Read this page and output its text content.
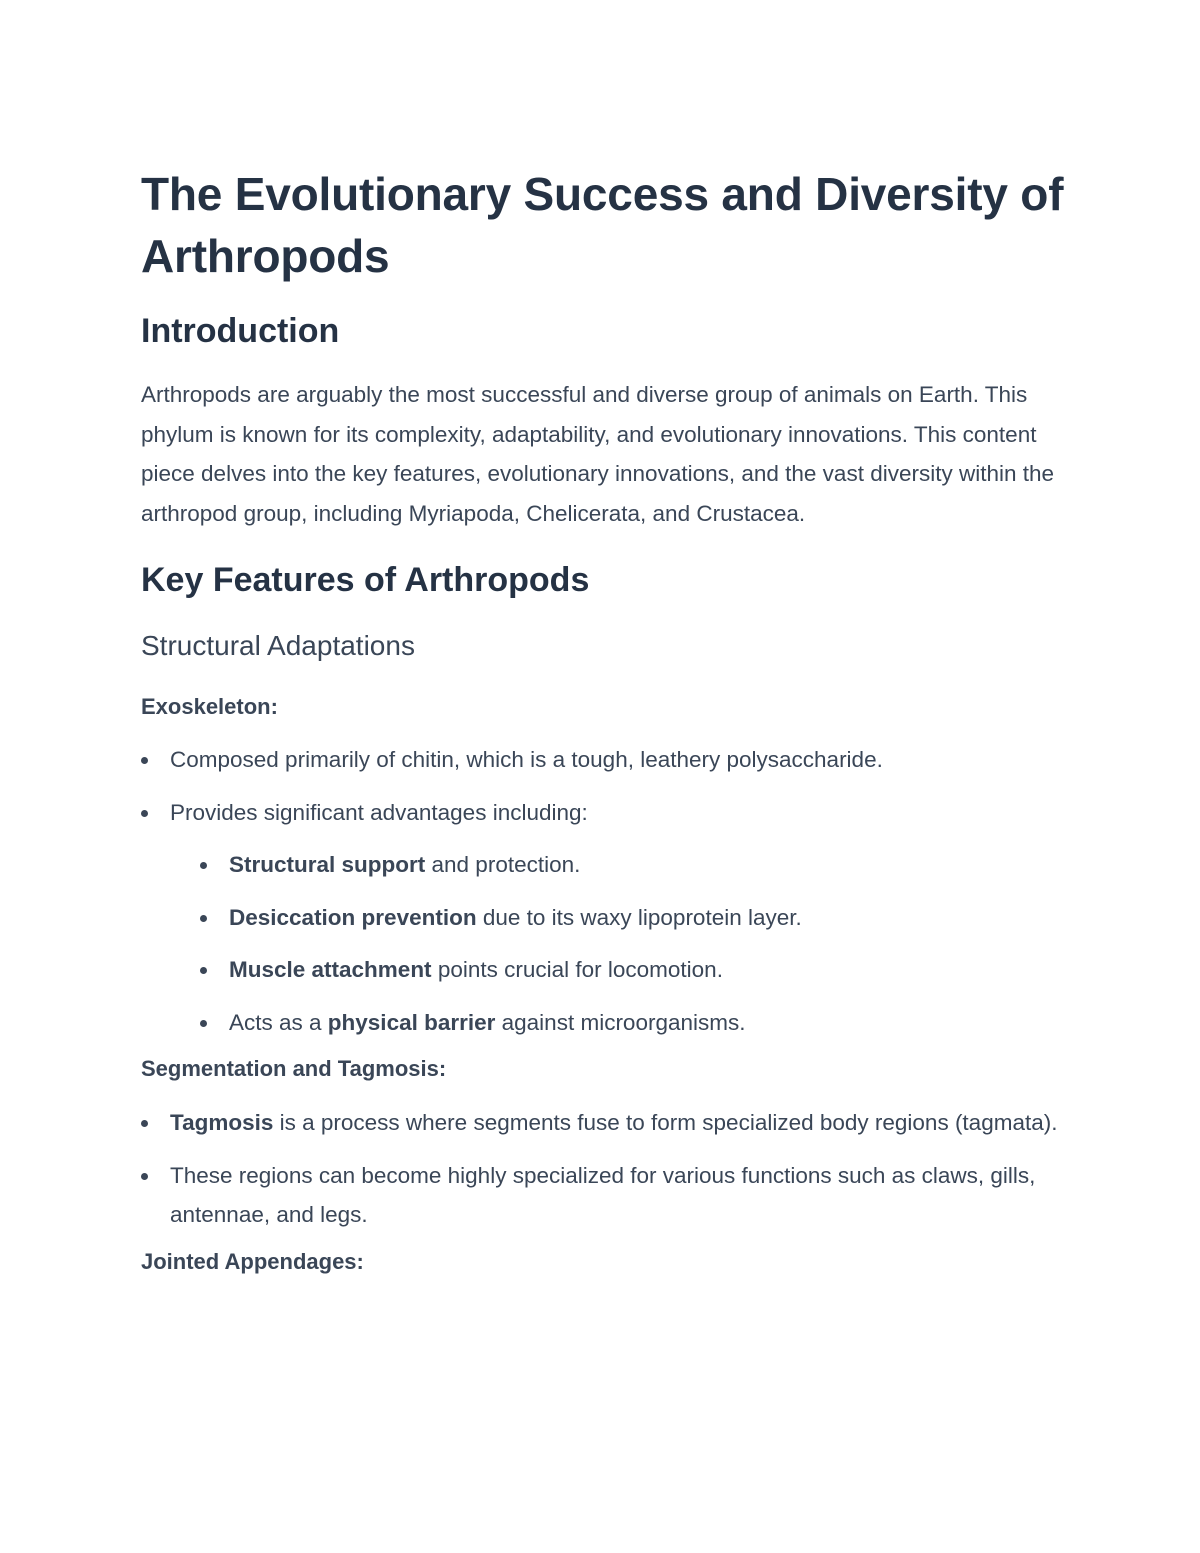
The Evolutionary Success and Diversity of Arthropods
Introduction

Arthropods are arguably the most successful and diverse group of animals on Earth. This phylum is known for its complexity, adaptability, and evolutionary innovations. This content piece delves into the key features, evolutionary innovations, and the vast diversity within the arthropod group, including Myriapoda, Chelicerata, and Crustacea.

Key Features of Arthropods
Structural Adaptations

Exoskeleton:

Composed primarily of chitin, which is a tough, leathery polysaccharide.
Provides significant advantages including:
Structural support and protection.
Desiccation prevention due to its waxy lipoprotein layer.
Muscle attachment points crucial for locomotion.
Acts as a physical barrier against microorganisms.

Segmentation and Tagmosis:

Tagmosis is a process where segments fuse to form specialized body regions (tagmata).
These regions can become highly specialized for various functions such as claws, gills, antennae, and legs.

Jointed Appendages:
